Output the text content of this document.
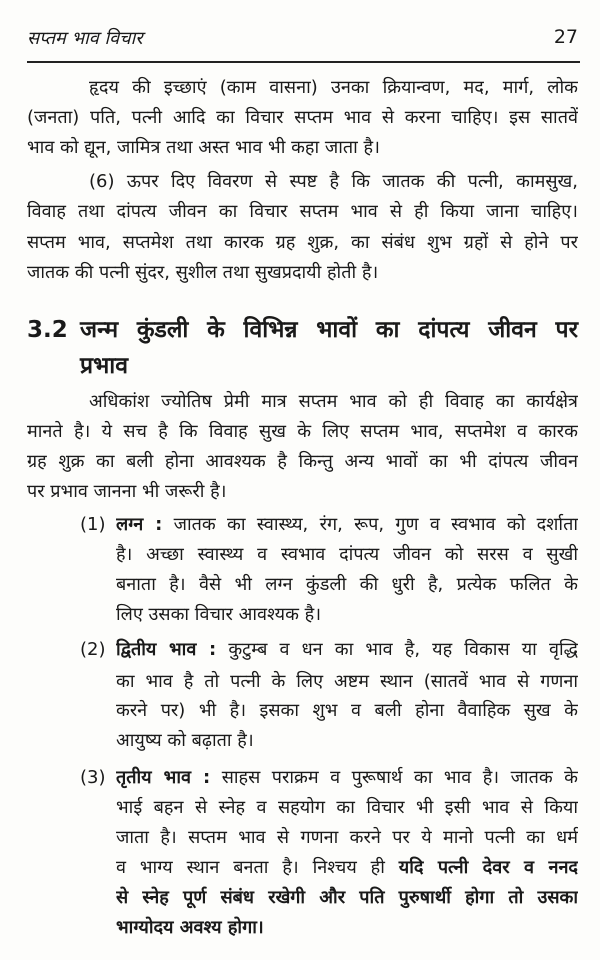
सप्तम भाव विचार	27
3.2 जन्म कुंडली के विभिन्न भावों का दांपत्य जीवन पर
प्रभाव
हृदय की इच्छाएं (काम वासना) उनका क्रियान्वण, मद, मार्ग, लोक
(जनता) पति, पत्नी आदि का विचार सप्तम भाव से करना चाहिए। इस सातवें
भाव को द्यून, जामित्र तथा अस्त भाव भी कहा जाता है।
(6) ऊपर दिए विवरण से स्पष्ट है कि जातक की पत्नी, कामसुख,
विवाह तथा दांपत्य जीवन का विचार सप्तम भाव से ही किया जाना चाहिए।
सप्तम भाव, सप्तमेश तथा कारक ग्रह शुक्र, का संबंध शुभ ग्रहों से होने पर
जातक की पत्नी सुंदर, सुशील तथा सुखप्रदायी होती है।
अधिकांश ज्योतिष प्रेमी मात्र सप्तम भाव को ही विवाह का कार्यक्षेत्र
मानते है। ये सच है कि विवाह सुख के लिए सप्तम भाव, सप्तमेश व कारक
ग्रह शुक्र का बली होना आवश्यक है किन्तु अन्य भावों का भी दांपत्य जीवन
पर प्रभाव जानना भी जरूरी है।
(1) लग्न : जातक का स्वास्थ्य, रंग, रूप, गुण व स्वभाव को दर्शाता
है। अच्छा स्वास्थ्य व स्वभाव दांपत्य जीवन को सरस व सुखी
बनाता है। वैसे भी लग्न कुंडली की धुरी है, प्रत्येक फलित के
लिए उसका विचार आवश्यक है।
(2) द्वितीय भाव : कुटुम्ब व धन का भाव है, यह विकास या वृद्धि
का भाव है तो पत्नी के लिए अष्टम स्थान (सातवें भाव से गणना
करने पर) भी है। इसका शुभ व बली होना वैवाहिक सुख के
आयुष्य को बढ़ाता है।
(3) तृतीय भाव : साहस पराक्रम व पुरूषार्थ का भाव है। जातक के
भाई बहन से स्नेह व सहयोग का विचार भी इसी भाव से किया
जाता है। सप्तम भाव से गणना करने पर ये मानो पत्नी का धर्म
व भाग्य स्थान बनता है। निश्चय ही यदि पत्नी देवर व ननद
से स्नेह पूर्ण संबंध रखेगी और पति पुरुषार्थी होगा तो उसका
भाग्योदय अवश्य होगा।
